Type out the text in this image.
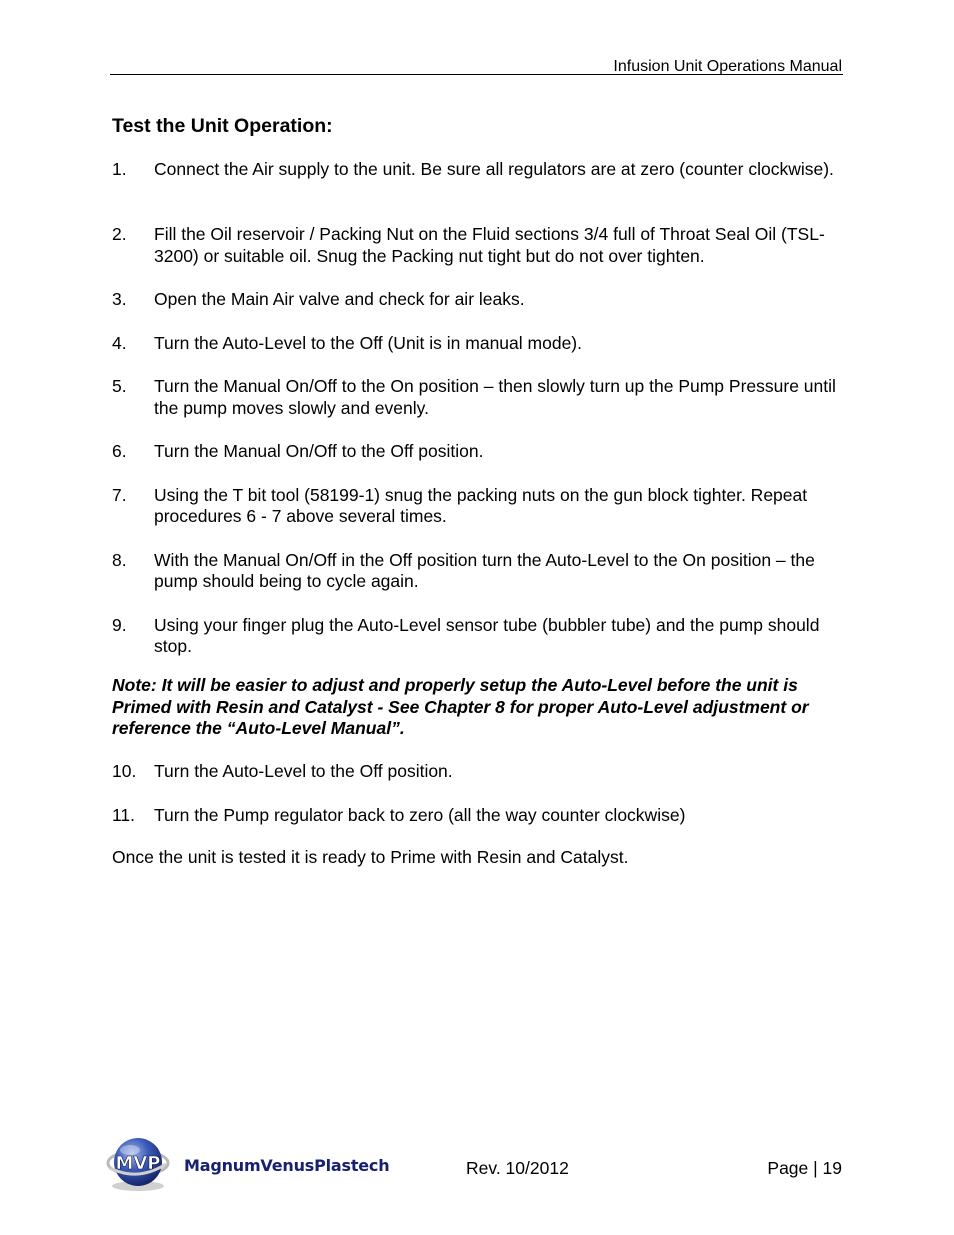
Infusion Unit Operations Manual
Test the Unit Operation:
1. Connect the Air supply to the unit. Be sure all regulators are at zero (counter clockwise).
2. Fill the Oil reservoir / Packing Nut on the Fluid sections 3/4 full of Throat Seal Oil (TSL-3200) or suitable oil. Snug the Packing nut tight but do not over tighten.
3. Open the Main Air valve and check for air leaks.
4. Turn the Auto-Level to the Off (Unit is in manual mode).
5. Turn the Manual On/Off to the On position – then slowly turn up the Pump Pressure until the pump moves slowly and evenly.
6. Turn the Manual On/Off to the Off position.
7. Using the T bit tool (58199-1) snug the packing nuts on the gun block tighter. Repeat procedures 6 - 7 above several times.
8. With the Manual On/Off in the Off position turn the Auto-Level to the On position – the pump should being to cycle again.
9. Using your finger plug the Auto-Level sensor tube (bubbler tube) and the pump should stop.
Note: It will be easier to adjust and properly setup the Auto-Level before the unit is Primed with Resin and Catalyst - See Chapter 8 for proper Auto-Level adjustment or reference the “Auto-Level Manual”.
10. Turn the Auto-Level to the Off position.
11. Turn the Pump regulator back to zero (all the way counter clockwise)
Once the unit is tested it is ready to Prime with Resin and Catalyst.
MVP MagnumVenusPlastech	Rev. 10/2012	Page | 19
